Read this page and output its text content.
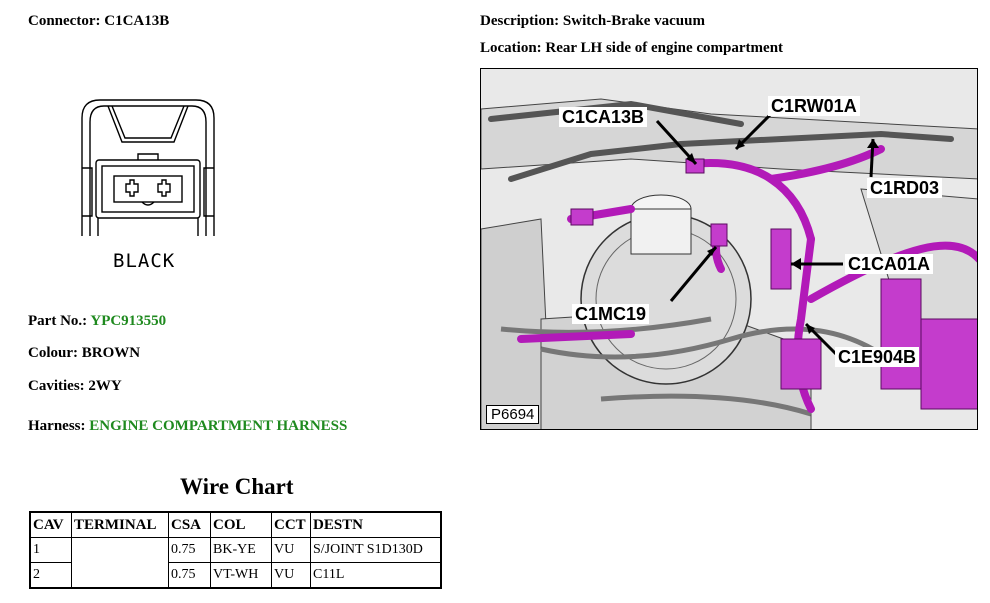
Connector: C1CA13B	Description: Switch-Brake vacuum
Location: Rear LH side of engine compartment
BLACK
Part No.: YPC913550
Colour: BROWN
Cavities: 2WY
Harness: ENGINE COMPARTMENT HARNESS
C1CA13B
C1RW01A
C1RD03
C1CA01A
C1MC19
C1E904B
P6694
Wire Chart
CAV	TERMINAL	CSA	COL	CCT	DESTN
1		0.75	BK-YE	VU	S/JOINT S1D130D
2		0.75	VT-WH	VU	C11L
